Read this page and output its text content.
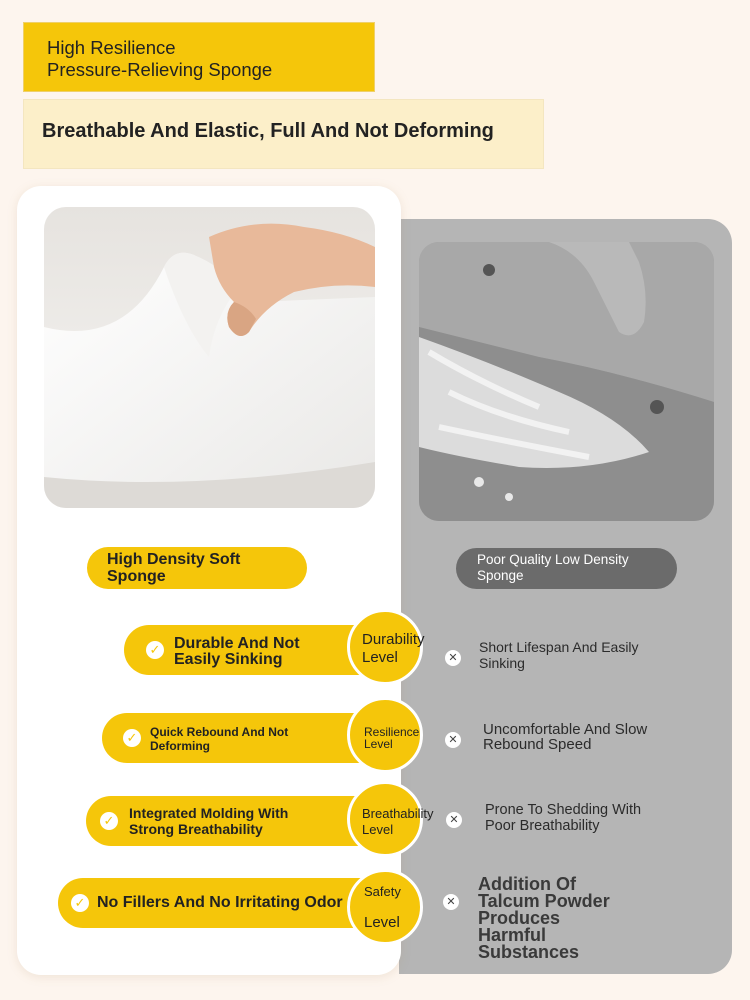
High Resilience
Pressure-Relieving Sponge
Breathable And Elastic, Full And Not Deforming
High Density Soft
Sponge
Poor Quality Low Density
Sponge
✓ Durable And Not
Easily Sinking
Durability
Level	✕
Short Lifespan And Easily
Sinking
✓ Quick Rebound And Not
Deforming
Resilience
Level	✕
Uncomfortable And Slow
Rebound Speed
✓ Integrated Molding With
Strong Breathability
Breathability
Level
✕
Prone To Shedding With
Poor Breathability
✓ No Fillers And No Irritating Odor
Safety
Level
✕
Addition Of
Talcum Powder
Produces
Harmful
Substances
